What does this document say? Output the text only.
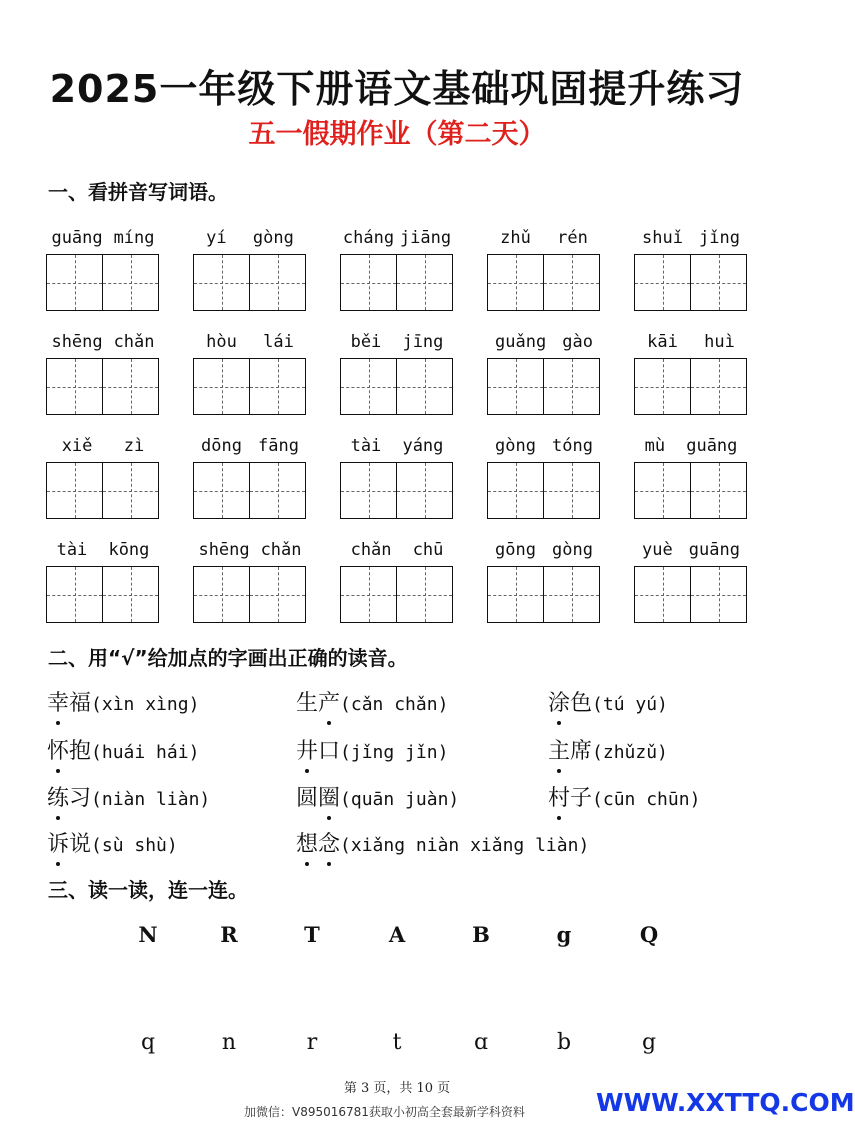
2025一年级下册语文基础巩固提升练习
五一假期作业（第二天）
一、看拼音写词语。
guāng míng	yí gòng	cháng jiāng	zhǔ rén	shuǐ jǐng
shēng chǎn	hòu lái	běi jīng	guǎng gào	kāi huì
xiě zì	dōng fāng	tài yáng	gòng tóng	mù guāng
tài kōng	shēng chǎn	chǎn chū	gōng gòng	yuè guāng
二、用“√”给加点的字画出正确的读音。
幸福(xìn xìng)	生产(cǎn chǎn)	涂色(tú yú)
怀抱(huái hái)	井口(jǐng jǐn)	主席(zhǔzǔ)
练习(niàn liàn)	圆圈(quān juàn)	村子(cūn chūn)
诉说(sù shù)	想念(xiǎng niàn xiǎng liàn)
三、读一读，连一连。
N	R	T	A	B	g	Q
q	n	r	t	ɑ	b	g
第 3 页，共 10 页
加微信：V895016781获取小初高全套最新学科资料	WWW.XXTTQ.COM
